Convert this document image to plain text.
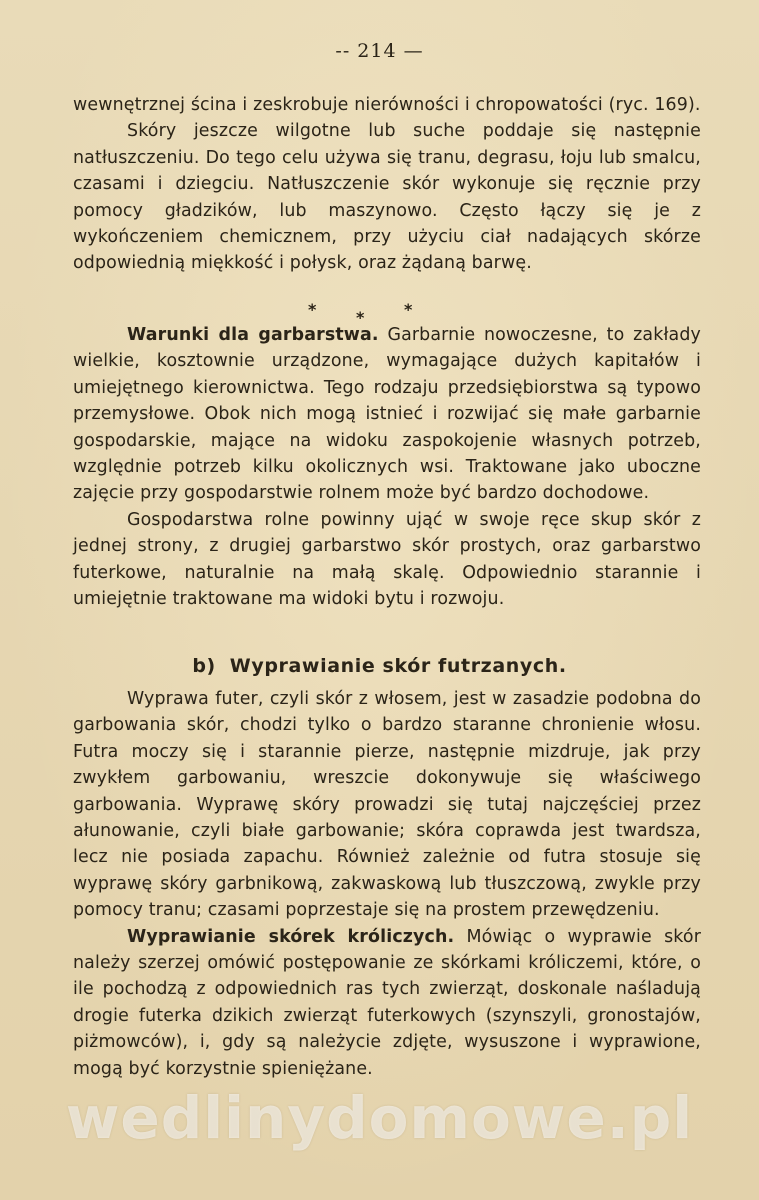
-- 214 —

wewnętrznej ścina i zeskrobuje nierówności i chropowatości (ryc. 169).

Skóry jeszcze wilgotne lub suche poddaje się następnie natłuszczeniu. Do tego celu używa się tranu, degrasu, łoju lub smalcu, czasami i dziegciu. Natłuszczenie skór wykonuje się ręcznie przy pomocy gładzików, lub maszynowo. Często łączy się je z wykończeniem chemicznem, przy użyciu ciał nadających skórze odpowiednią miękkość i połysk, oraz żądaną barwę.

* * *

Warunki dla garbarstwa. Garbarnie nowoczesne, to zakłady wielkie, kosztownie urządzone, wymagające dużych kapitałów i umiejętnego kierownictwa. Tego rodzaju przedsiębiorstwa są typowo przemysłowe. Obok nich mogą istnieć i rozwijać się małe garbarnie gospodarskie, mające na widoku zaspokojenie własnych potrzeb, względnie potrzeb kilku okolicznych wsi. Traktowane jako uboczne zajęcie przy gospodarstwie rolnem może być bardzo dochodowe.

Gospodarstwa rolne powinny ująć w swoje ręce skup skór z jednej strony, z drugiej garbarstwo skór prostych, oraz garbarstwo futerkowe, naturalnie na małą skalę. Odpowiednio starannie i umiejętnie traktowane ma widoki bytu i rozwoju.

b) Wyprawianie skór futrzanych.

Wyprawa futer, czyli skór z włosem, jest w zasadzie podobna do garbowania skór, chodzi tylko o bardzo staranne chronienie włosu. Futra moczy się i starannie pierze, następnie mizdruje, jak przy zwykłem garbowaniu, wreszcie dokonywuje się właściwego garbowania. Wyprawę skóry prowadzi się tutaj najczęściej przez ałunowanie, czyli białe garbowanie; skóra coprawda jest twardsza, lecz nie posiada zapachu. Również zależnie od futra stosuje się wyprawę skóry garbnikową, zakwaskową lub tłuszczową, zwykle przy pomocy tranu; czasami poprzestaje się na prostem przewędzeniu.

Wyprawianie skórek króliczych. Mówiąc o wyprawie skór należy szerzej omówić postępowanie ze skórkami króliczemi, które, o ile pochodzą z odpowiednich ras tych zwierząt, doskonale naśladują drogie futerka dzikich zwierząt futerkowych (szynszyli, gronostajów, piżmowców), i, gdy są należycie zdjęte, wysuszone i wyprawione, mogą być korzystnie spieniężane.

wedlinydomowe.pl
